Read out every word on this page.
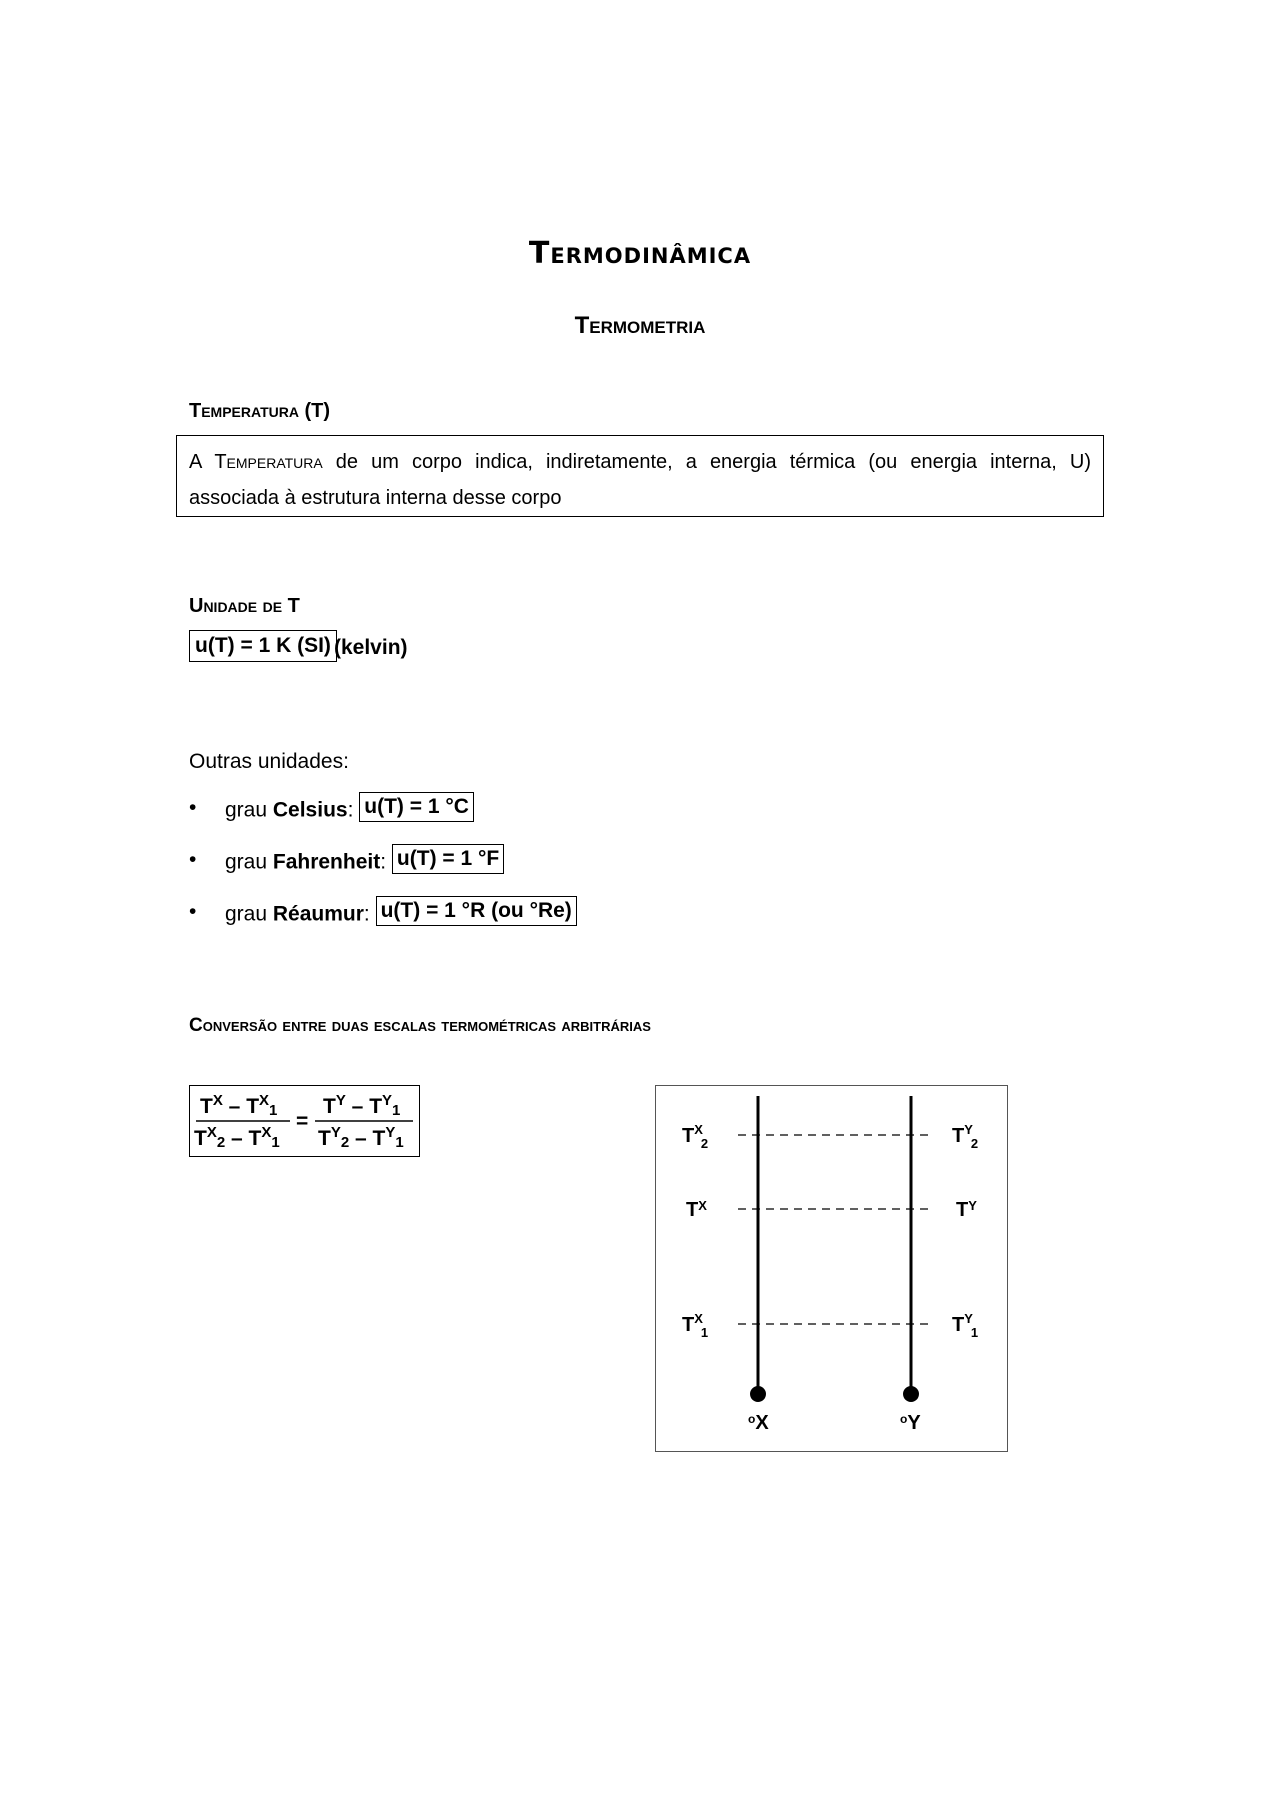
Termodinâmica
Termometria
Temperatura (T)
A Temperatura de um corpo indica, indiretamente, a energia térmica (ou energia interna, U)
associada à estrutura interna desse corpo
Unidade de T
u(T) = 1 K (SI) (kelvin)
Outras unidades:
• grau Celsius: u(T) = 1 °C
• grau Fahrenheit: u(T) = 1 °F
• grau Réaumur: u(T) = 1 °R (ou °Re)
Conversão entre duas escalas termométricas arbitrárias
$T^X - T^X_1$
$T^X_2 - T^X_1$
=
$T^Y - T^Y_1$
$T^Y_2 - T^Y_1$	$T^X$ 2	$T^Y$ 2
$T^X$	$T^Y$
$T^X$ 1	$T^Y$ 1
$^o$X	$^o$Y
